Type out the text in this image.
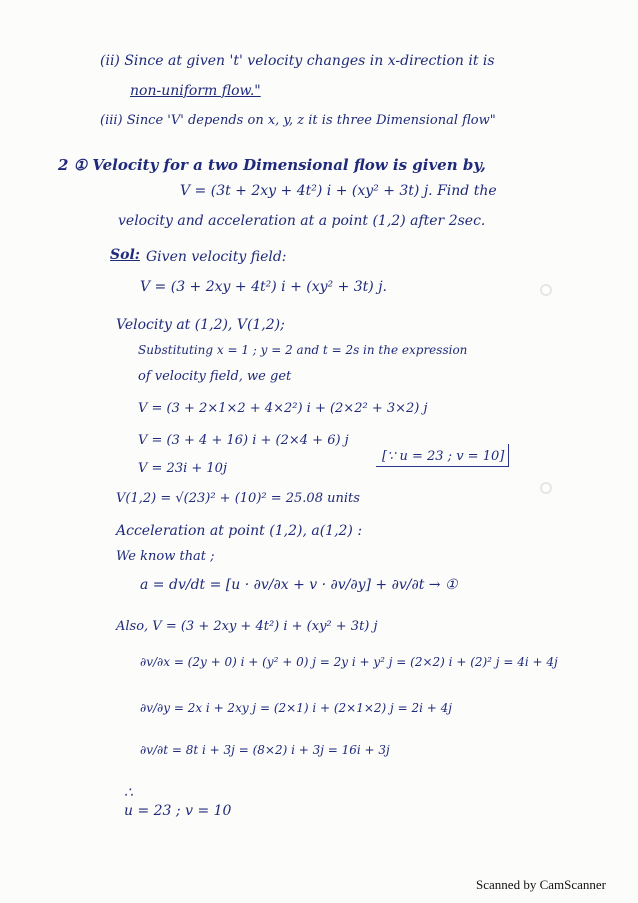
(ii) Since at given 't' velocity changes in x-direction it is
non-uniform flow."
(iii) Since 'V' depends on x, y, z it is three Dimensional flow"
2 ① Velocity for a two Dimensional flow is given by,
V = (3t + 2xy + 4t²) i + (xy² + 3t) j. Find the
velocity and acceleration at a point (1,2) after 2sec.
Sol: Given velocity field:
V = (3 + 2xy + 4t²) i + (xy² + 3t) j.
Velocity at (1,2), V(1,2);
Substituting x = 1 ; y = 2 and t = 2s in the expression
of velocity field, we get
V = (3 + 2×1×2 + 4×2²) i + (2×2² + 3×2) j
V = (3 + 4 + 16) i + (2×4 + 6) j
V = 23i + 10j
[∵ u = 23 ; v = 10]
V(1,2) = √(23)² + (10)² = 25.08 units
Acceleration at point (1,2), a(1,2) :
We know that ;
a = dv/dt = [u · ∂v/∂x + v · ∂v/∂y] + ∂v/∂t → ①
Also, V = (3 + 2xy + 4t²) i + (xy² + 3t) j
∂v/∂x = (2y + 0) i + (y² + 0) j = 2y i + y² j = (2×2) i + (2)² j = 4i + 4j
∂v/∂y = 2x i + 2xy j = (2×1) i + (2×1×2) j = 2i + 4j
∂v/∂t = 8t i + 3j = (8×2) i + 3j = 16i + 3j
∴
u = 23 ; v = 10
Scanned by CamScanner
